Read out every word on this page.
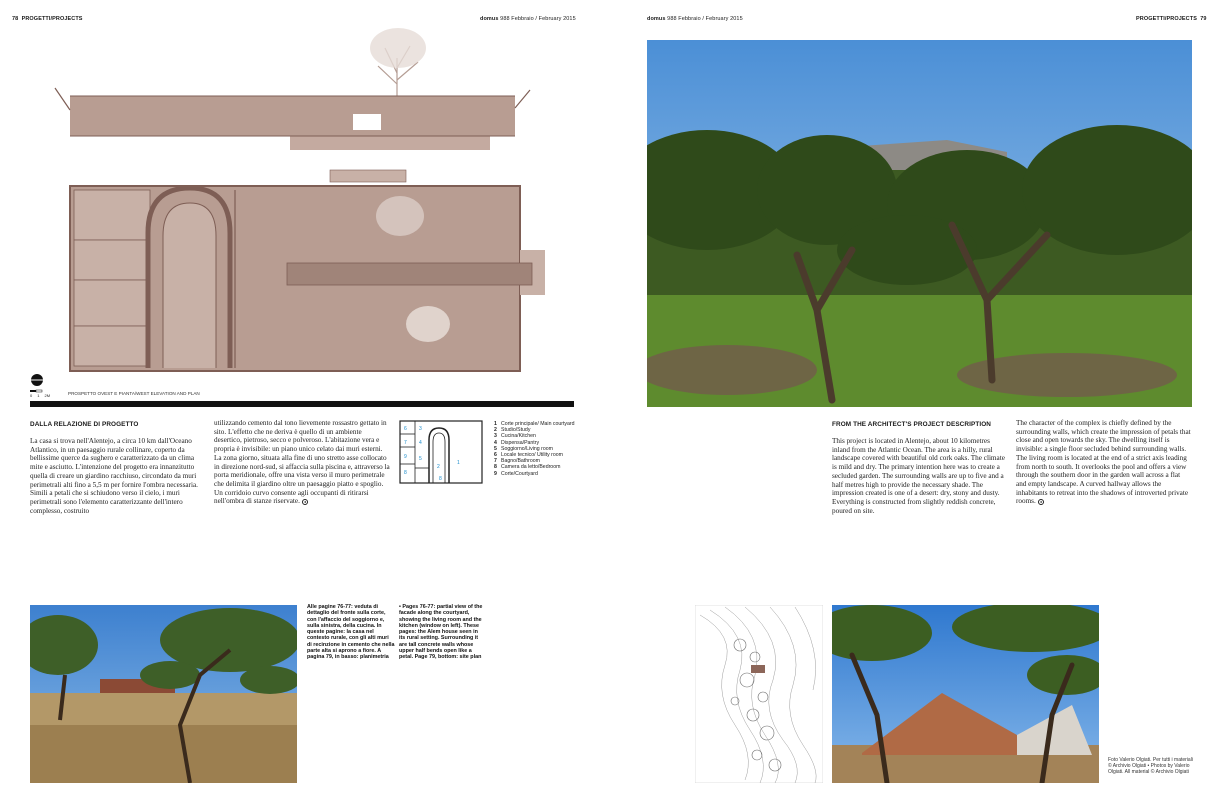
78 PROGETTI/PROJECTS	domus 988 Febbraio / February 2015
0 1 2M	PROSPETTO OVEST E PIANTA/WEST ELEVATION AND PLAN
DALLA RELAZIONE DI PROGETTO
La casa si trova nell'Alentejo, a circa 10 km dall'Oceano Atlantico, in un paesaggio rurale collinare, coperto da bellissime querce da sughero e caratterizzato da un clima mite e asciutto. L'intenzione del progetto era innanzitutto quella di creare un giardino racchiuso, circondato da muri perimetrali alti fino a 5,5 m per fornire l'ombra necessaria. Simili a petali che si schiudono verso il cielo, i muri perimetrali sono l'elemento caratterizzante dell'intero complesso, costruito
utilizzando cemento dal tono lievemente rossastro gettato in sito. L'effetto che ne deriva è quello di un ambiente desertico, pietroso, secco e polveroso. L'abitazione vera e propria è invisibile: un piano unico celato dai muri esterni. La zona giorno, situata alla fine di uno stretto asse collocato in direzione nord-sud, si affaccia sulla piscina e, attraverso la porta meridionale, offre una vista verso il muro perimetrale che delimita il giardino oltre un paesaggio piatto e spoglio. Un corridoio curvo consente agli occupanti di ritirarsi nell'ombra di stanze riservate. ◂
6 3
7 4
9 5
8
2
1
8
1 Corte principale/ Main courtyard
2 Studio/Study
3 Cucina/Kitchen
4 Dispensa/Pantry
5 Soggiorno/Living room
6 Locale tecnico/ Utility room
7 Bagno/Bathroom
8 Camera da letto/Bedroom
9 Corte/Courtyard
Alle pagine 76-77: veduta di dettaglio del fronte sulla corte, con l'affaccio del soggiorno e, sulla sinistra, della cucina. In queste pagine: la casa nel contesto rurale, con gli alti muri di recinzione in cemento che nella parte alta si aprono a fiore. A pagina 79, in basso: planimetria
• Pages 76-77: partial view of the facade along the courtyard, showing the living room and the kitchen (window on left). These pages: the Alem house seen in its rural setting. Surrounding it are tall concrete walls whose upper half bends open like a petal. Page 79, bottom: site plan
domus 988 Febbraio / February 2015	PROGETTI/PROJECTS 79
FROM THE ARCHITECT'S PROJECT DESCRIPTION
This project is located in Alentejo, about 10 kilometres inland from the Atlantic Ocean. The area is a hilly, rural landscape covered with beautiful old cork oaks. The climate is mild and dry. The primary intention here was to create a secluded garden. The surrounding walls are up to five and a half metres high to provide the necessary shade. The impression created is one of a desert: dry, stony and dusty. Everything is constructed from slightly reddish concrete, poured on site.
The character of the complex is chiefly defined by the surrounding walls, which create the impression of petals that close and open towards the sky. The dwelling itself is invisible: a single floor secluded behind surrounding walls. The living room is located at the end of a strict axis leading from north to south. It overlooks the pool and offers a view through the southern door in the garden wall across a flat and empty landscape. A curved hallway allows the inhabitants to retreat into the shadows of introverted private rooms. ◂
Foto Valerio Olgiati. Per tutti i materiali © Archivio Olgiati • Photos by Valerio Olgiati. All material © Archivio Olgiati
